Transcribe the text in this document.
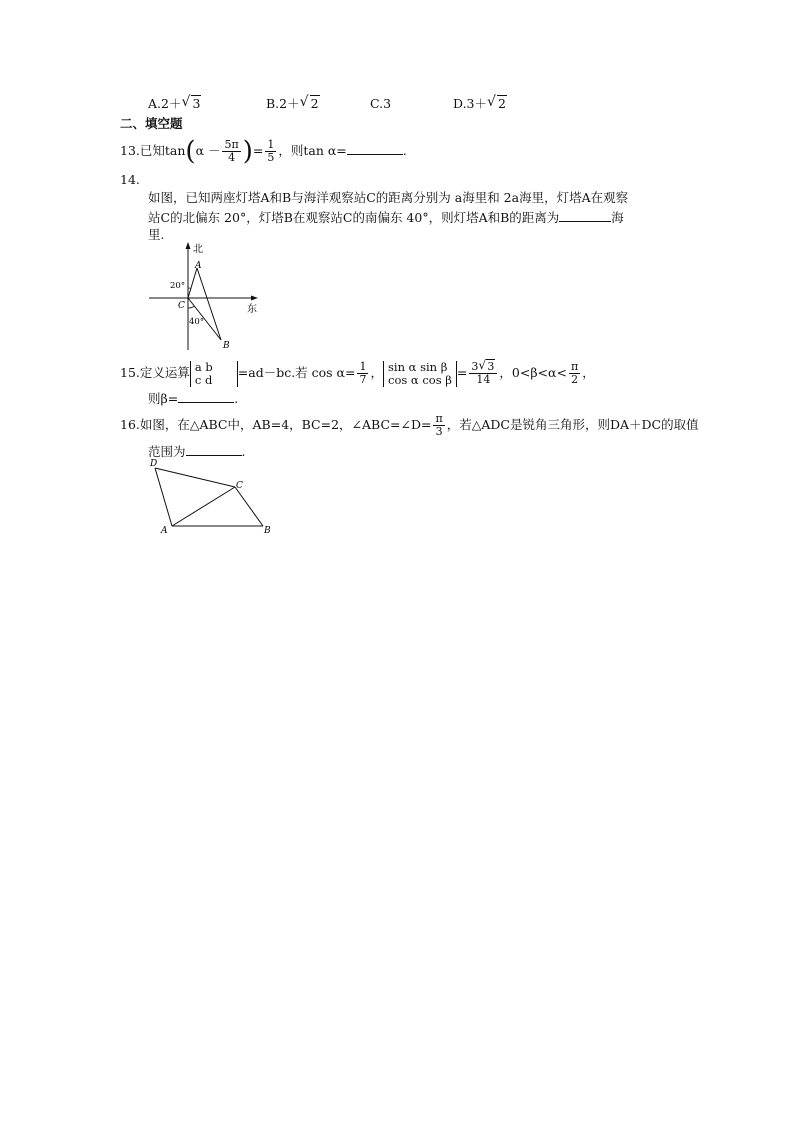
A.2＋ √ 3	B.2＋ √ 2	C.3	D.3＋ √ 2
二、填空题
13.已知$\tan(\alpha - \frac{5\pi}{4}$ )= $\frac{1}{5}$ ，则tan α=	.
14.
如图，已知两座灯塔A和B与海洋观察站C的距离分别为 a海里和 2a海里，灯塔A在观察
站C的北偏东 20°，灯塔B在观察站C的南偏东 40°，则灯塔A和B的距离为	海
里.
北
东
A
B
C
20°
40°
15.定义运算 a b
c d =ad－bc.若 $\cos \alpha= \frac{1}{7}$ ， sin α sin β
cos α $\cos \beta = \frac{3 √ 3}{14}$ ，$0<\beta<\alpha< \frac{\pi}{2}$ ，
则β=	.
16.如图，在△ABC中，AB=4，BC=2，∠ABC=∠D= $\frac{\pi}{3}$ ，若△ADC是锐角三角形，则DA＋DC的取值
范围为	.
D
C
A	B
